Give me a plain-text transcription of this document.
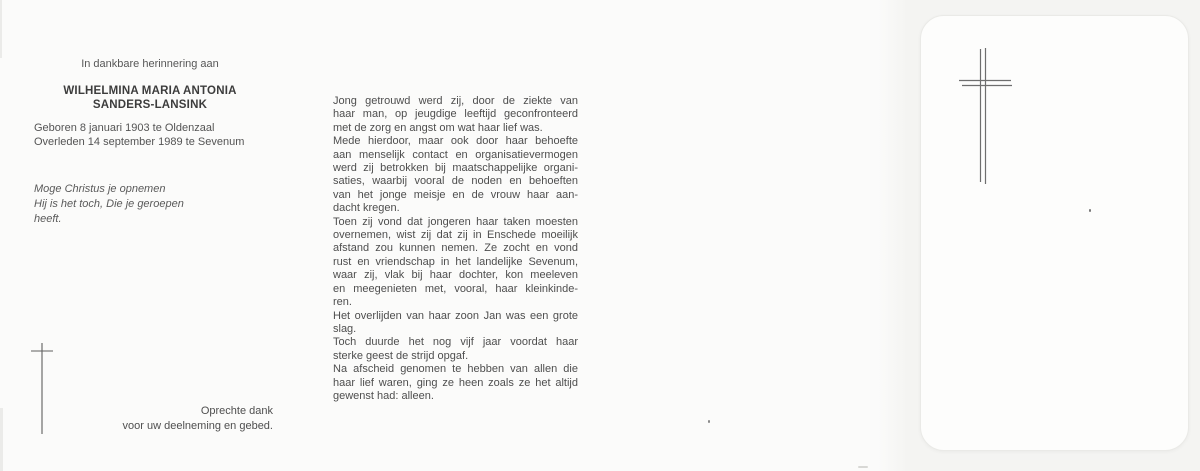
In dankbare herinnering aan
WILHELMINA MARIA ANTONIA
SANDERS-LANSINK
Geboren 8 januari 1903 te Oldenzaal
Overleden 14 september 1989 te Sevenum
Moge Christus je opnemen
Hij is het toch, Die je geroepen
heeft.
Oprechte dank
voor uw deelneming en gebed.
Jong getrouwd werd zij, door de ziekte van
haar man, op jeugdige leeftijd geconfronteerd
met de zorg en angst om wat haar lief was.
Mede hierdoor, maar ook door haar behoefte
aan menselijk contact en organisatievermogen
werd zij betrokken bij maatschappelijke organi-
saties, waarbij vooral de noden en behoeften
van het jonge meisje en de vrouw haar aan-
dacht kregen.
Toen zij vond dat jongeren haar taken moesten
overnemen, wist zij dat zij in Enschede moeilijk
afstand zou kunnen nemen. Ze zocht en vond
rust en vriendschap in het landelijke Sevenum,
waar zij, vlak bij haar dochter, kon meeleven
en meegenieten met, vooral, haar kleinkinde-
ren.
Het overlijden van haar zoon Jan was een grote
slag.
Toch duurde het nog vijf jaar voordat haar
sterke geest de strijd opgaf.
Na afscheid genomen te hebben van allen die
haar lief waren, ging ze heen zoals ze het altijd
gewenst had: alleen.
